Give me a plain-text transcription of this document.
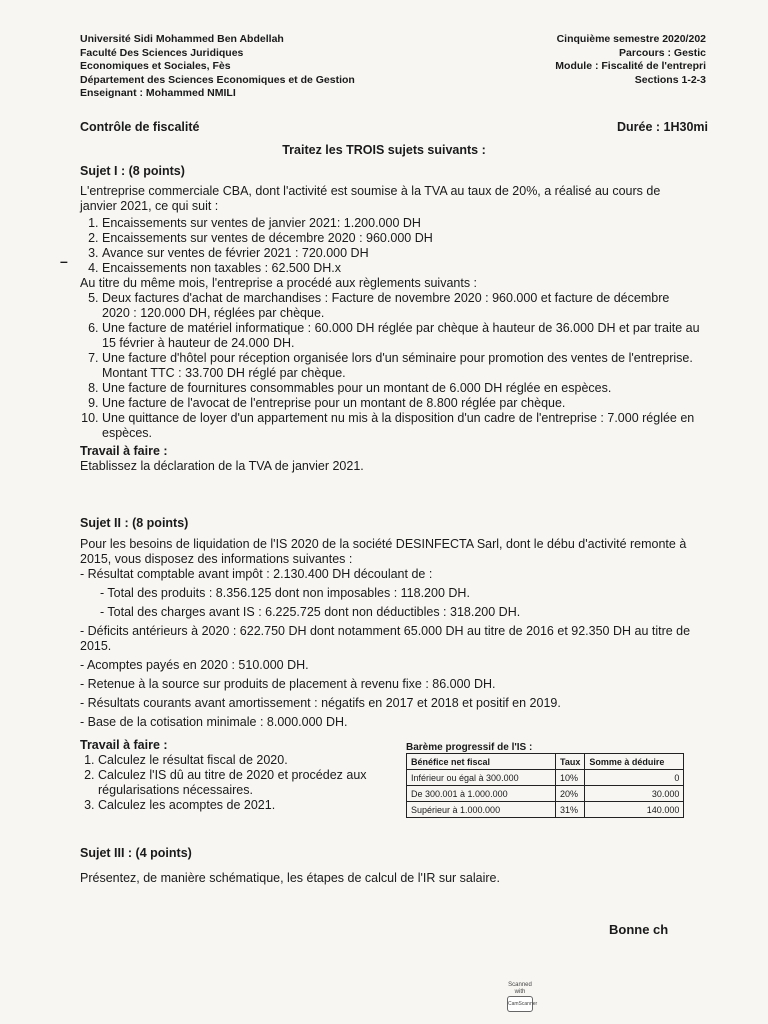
Université Sidi Mohammed Ben Abdellah
Faculté Des Sciences Juridiques
Economiques et Sociales, Fès
Département des Sciences Economiques et de Gestion
Enseignant : Mohammed NMILI
Cinquième semestre 2020/202
Parcours : Gestic
Module : Fiscalité de l'entrepri
Sections 1-2-3
Contrôle de fiscalité	Durée : 1H30mi
Traitez les TROIS sujets suivants :
Sujet I : (8 points)
L'entreprise commerciale CBA, dont l'activité est soumise à la TVA au taux de 20%, a réalisé au cours de janvier 2021, ce qui suit :
1. Encaissements sur ventes de janvier 2021: 1.200.000 DH
2. Encaissements sur ventes de décembre 2020 : 960.000 DH
3. Avance sur ventes de février 2021 : 720.000 DH
4. Encaissements non taxables : 62.500 DH.x
Au titre du même mois, l'entreprise a procédé aux règlements suivants :
5. Deux factures d'achat de marchandises : Facture de novembre 2020 : 960.000 et facture de décembre 2020 : 120.000 DH, réglées par chèque.
6. Une facture de matériel informatique : 60.000 DH réglée par chèque à hauteur de 36.000 DH et par traite au 15 février à hauteur de 24.000 DH.
7. Une facture d'hôtel pour réception organisée lors d'un séminaire pour promotion des ventes de l'entreprise. Montant TTC : 33.700 DH réglé par chèque.
8. Une facture de fournitures consommables pour un montant de 6.000 DH réglée en espèces.
9. Une facture de l'avocat de l'entreprise pour un montant de 8.800 réglée par chèque.
10. Une quittance de loyer d'un appartement nu mis à la disposition d'un cadre de l'entreprise : 7.000 réglée en espèces.
Travail à faire :
Etablissez la déclaration de la TVA de janvier 2021.
–
Sujet II : (8 points)
Pour les besoins de liquidation de l'IS 2020 de la société DESINFECTA Sarl, dont le débu d'activité remonte à 2015, vous disposez des informations suivantes :
- Résultat comptable avant impôt : 2.130.400 DH découlant de :
- Total des produits : 8.356.125 dont non imposables : 118.200 DH.
- Total des charges avant IS : 6.225.725 dont non déductibles : 318.200 DH.
- Déficits antérieurs à 2020 : 622.750 DH dont notamment 65.000 DH au titre de 2016 et 92.350 DH au titre de 2015.
- Acomptes payés en 2020 : 510.000 DH.
- Retenue à la source sur produits de placement à revenu fixe : 86.000 DH.
- Résultats courants avant amortissement : négatifs en 2017 et 2018 et positif en 2019.
- Base de la cotisation minimale : 8.000.000 DH.
Travail à faire :
1. Calculez le résultat fiscal de 2020.
2. Calculez l'IS dû au titre de 2020 et procédez aux régularisations nécessaires.
3. Calculez les acomptes de 2021.
Barème progressif de l'IS :
Bénéfice net fiscal	Taux	Somme à déduire
Inférieur ou égal à 300.000	10%	0
De 300.001 à 1.000.000	20%	30.000
Supérieur à 1.000.000	31%	140.000
Sujet III : (4 points)
Présentez, de manière schématique, les étapes de calcul de l'IR sur salaire.
Bonne ch
Scanned with
CamScanner
